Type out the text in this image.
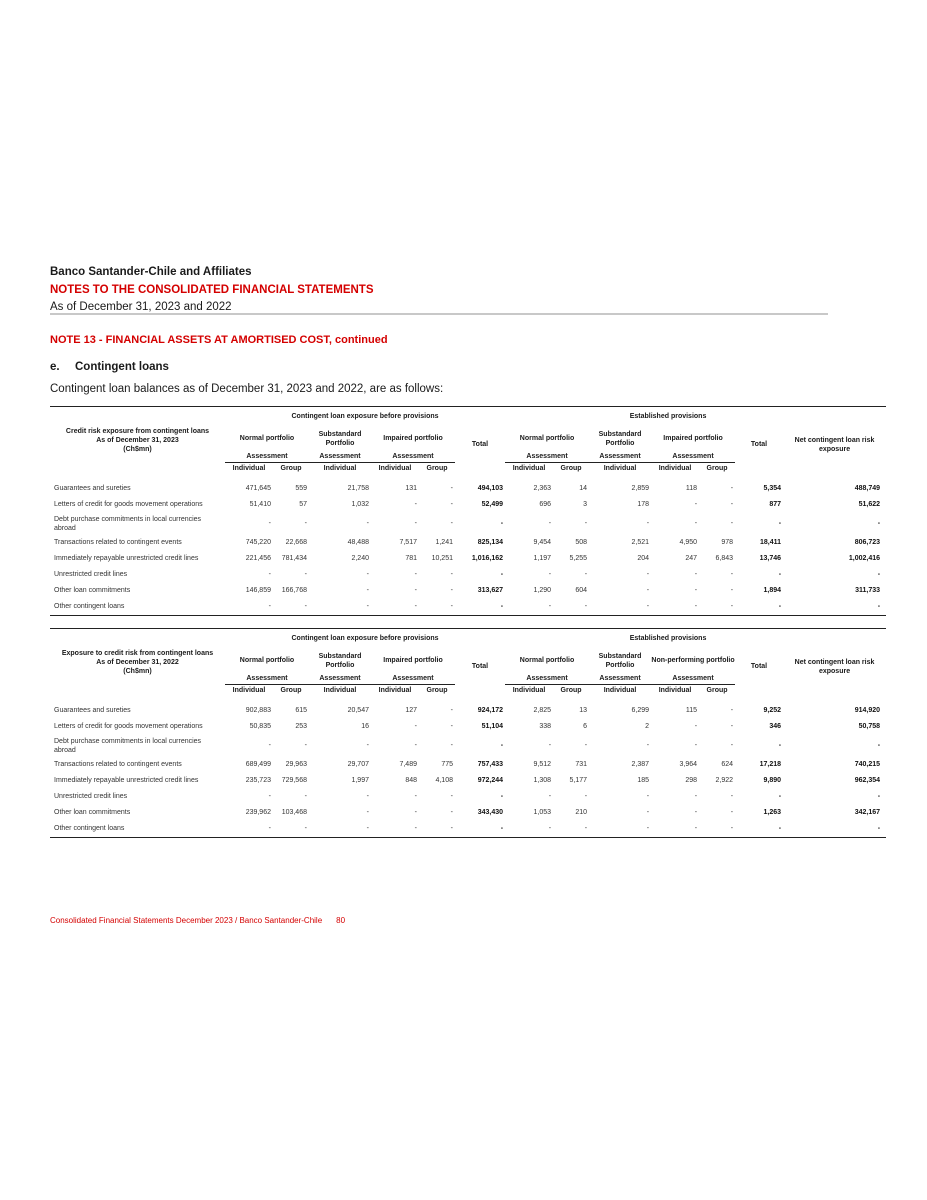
Banco Santander-Chile and Affiliates
NOTES TO THE CONSOLIDATED FINANCIAL STATEMENTS
As of December 31, 2023 and 2022
NOTE 13 - FINANCIAL ASSETS AT AMORTISED COST, continued
e. Contingent loans
Contingent loan balances as of December 31, 2023 and 2022, are as follows:
Credit risk exposure from contingent loans
As of December 31, 2023
(Ch$mn)	Contingent loan exposure before provisions							Established provisions					
	Normal portfolio		Substandard Portfolio	Impaired portfolio		Total	Normal portfolio		Substandard Portfolio	Impaired portfolio		Total	Net contingent loan risk exposure
	Assessment		Assessment	Assessment			Assessment		Assessment	Assessment			
	Individual	Group	Individual	Individual	Group		Individual	Group	Individual	Individual	Group		

Guarantees and sureties	471,645	559	21,758	131	-	494,103	2,363	14	2,859	118	-	5,354	488,749
Letters of credit for goods movement operations	51,410	57	1,032	-	-	52,499	696	3	178	-	-	877	51,622
Debt purchase commitments in local currencies abroad	-	-	-	-	-	-	-	-	-	-	-	-	-
Transactions related to contingent events	745,220	22,668	48,488	7,517	1,241	825,134	9,454	508	2,521	4,950	978	18,411	806,723
Immediately repayable unrestricted credit lines	221,456	781,434	2,240	781	10,251	1,016,162	1,197	5,255	204	247	6,843	13,746	1,002,416
Unrestricted credit lines	-	-	-	-	-	-	-	-	-	-	-	-	-
Other loan commitments	146,859	166,768	-	-	-	313,627	1,290	604	-	-	-	1,894	311,733
Other contingent loans	-	-	-	-	-	-	-	-	-	-	-	-	-
Exposure to credit risk from contingent loans
As of December 31, 2022
(Ch$mn)	Contingent loan exposure before provisions							Established provisions					
	Normal portfolio		Substandard Portfolio	Impaired portfolio		Total	Normal portfolio		Substandard Portfolio	Non-performing portfolio		Total	Net contingent loan risk exposure
	Assessment		Assessment	Assessment			Assessment		Assessment	Assessment			
	Individual	Group	Individual	Individual	Group		Individual	Group	Individual	Individual	Group		

Guarantees and sureties	902,883	615	20,547	127	-	924,172	2,825	13	6,299	115	-	9,252	914,920
Letters of credit for goods movement operations	50,835	253	16	-	-	51,104	338	6	2	-	-	346	50,758
Debt purchase commitments in local currencies abroad	-	-	-	-	-	-	-	-	-	-	-	-	-
Transactions related to contingent events	689,499	29,963	29,707	7,489	775	757,433	9,512	731	2,387	3,964	624	17,218	740,215
Immediately repayable unrestricted credit lines	235,723	729,568	1,997	848	4,108	972,244	1,308	5,177	185	298	2,922	9,890	962,354
Unrestricted credit lines	-	-	-	-	-	-	-	-	-	-	-	-	-
Other loan commitments	239,962	103,468	-	-	-	343,430	1,053	210	-	-	-	1,263	342,167
Other contingent loans	-	-	-	-	-	-	-	-	-	-	-	-	-
Consolidated Financial Statements December 2023 / Banco Santander-Chile 80
